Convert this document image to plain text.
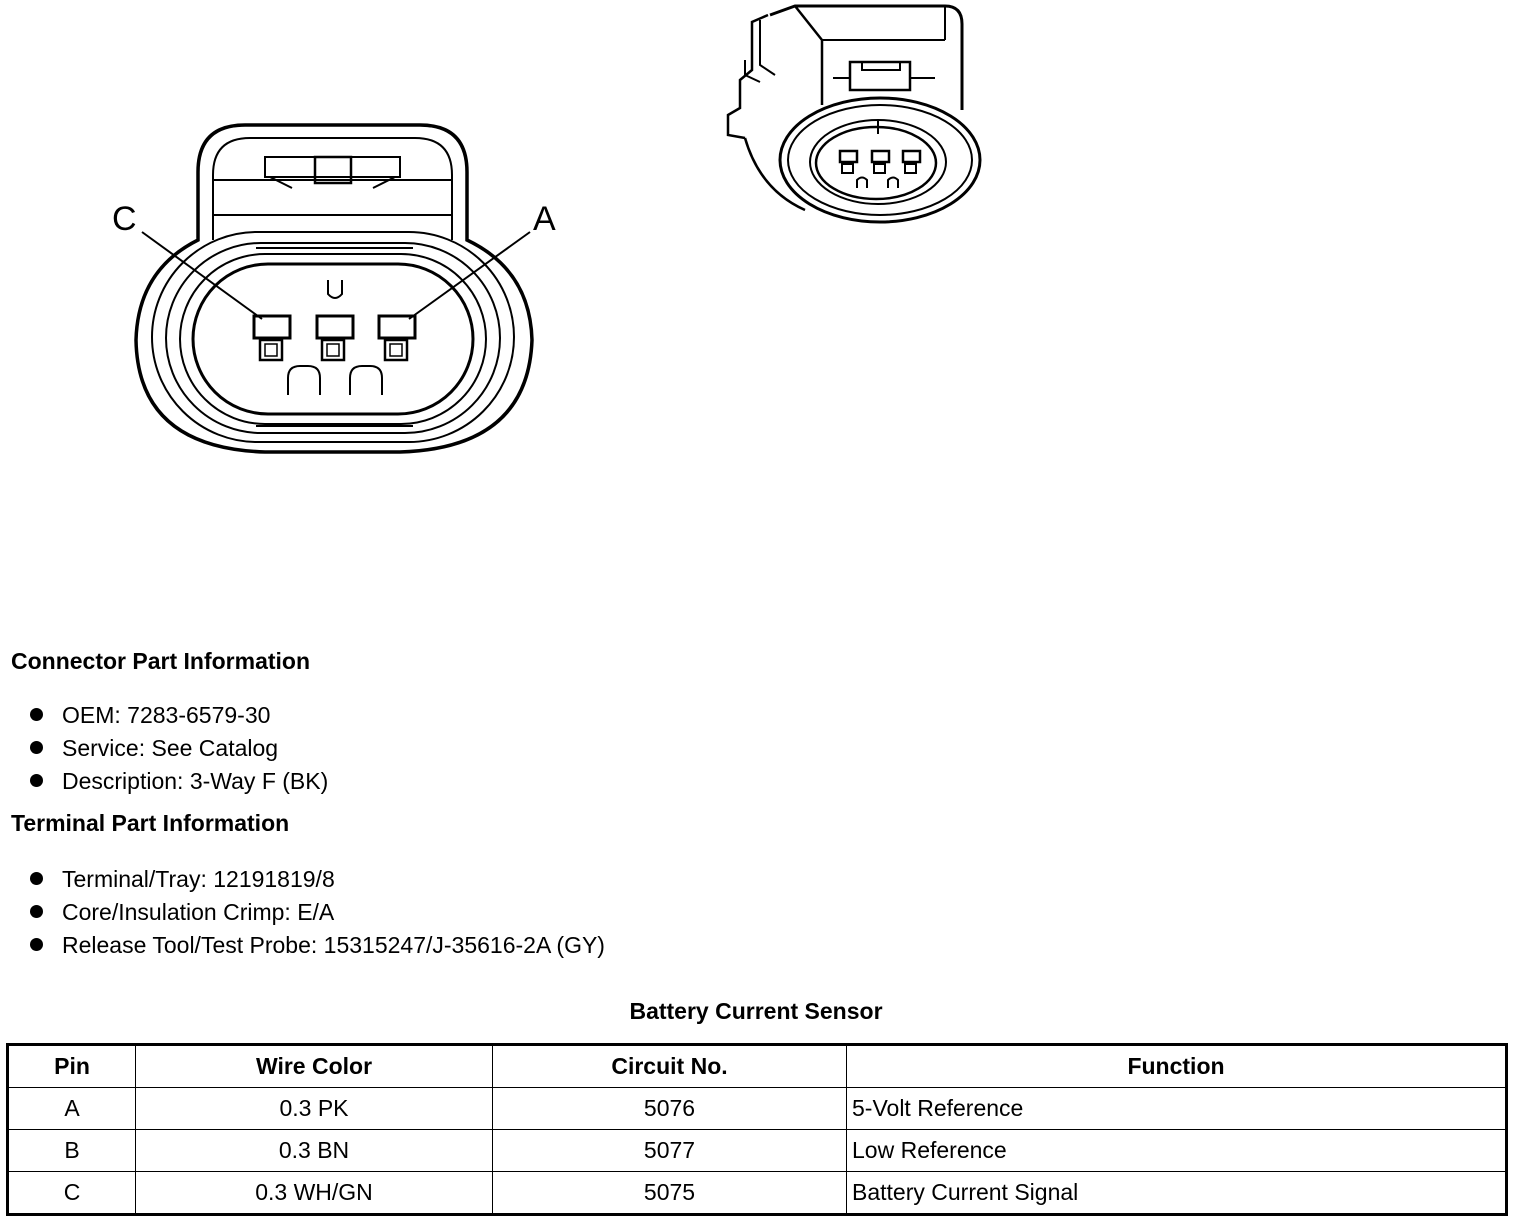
C	A
Connector Part Information
OEM: 7283-6579-30
Service: See Catalog
Description: 3-Way F (BK)
Terminal Part Information
Terminal/Tray: 12191819/8
Core/Insulation Crimp: E/A
Release Tool/Test Probe: 15315247/J-35616-2A (GY)
Battery Current Sensor
Pin	Wire Color	Circuit No.	Function
A	0.3 PK	5076	5-Volt Reference
B	0.3 BN	5077	Low Reference
C	0.3 WH/GN	5075	Battery Current Signal
